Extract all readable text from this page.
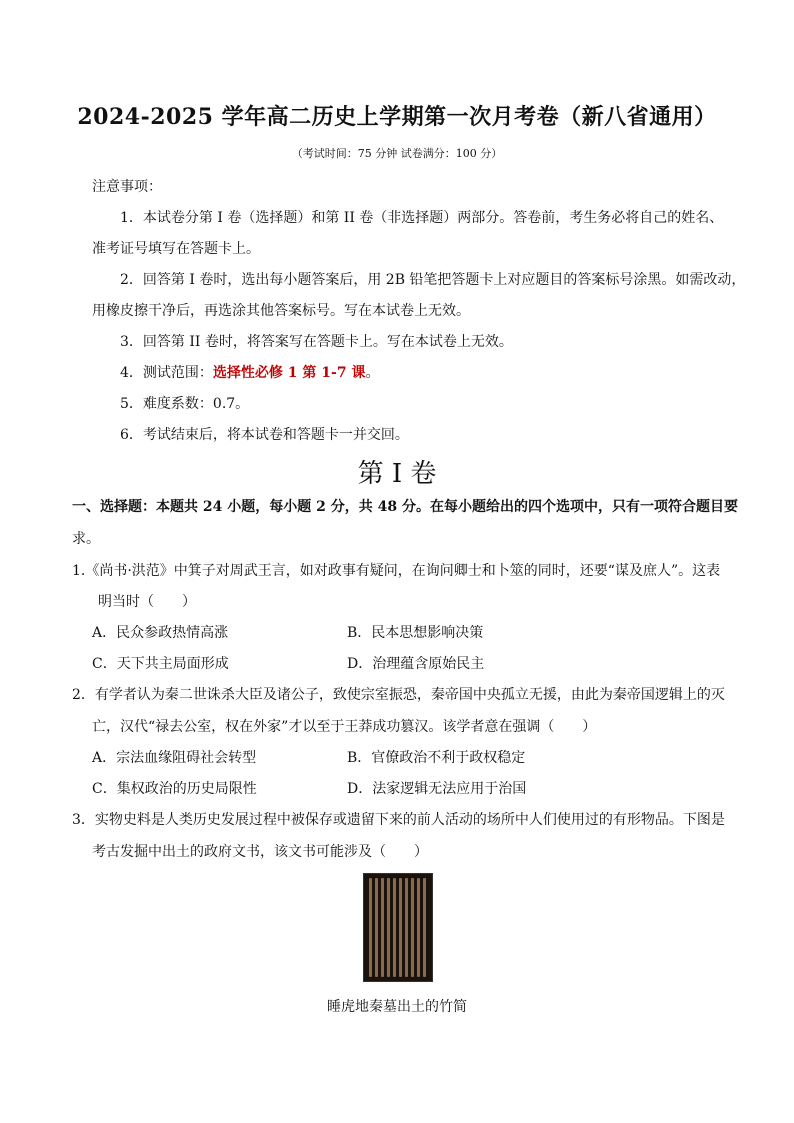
2024-2025 学年高二历史上学期第一次月考卷（新八省通用）
（考试时间：75 分钟 试卷满分：100 分）
注意事项：
1．本试卷分第 I 卷（选择题）和第 II 卷（非选择题）两部分。答卷前，考生务必将自己的姓名、
准考证号填写在答题卡上。
2．回答第 I 卷时，选出每小题答案后，用 2B 铅笔把答题卡上对应题目的答案标号涂黑。如需改动，
用橡皮擦干净后，再选涂其他答案标号。写在本试卷上无效。
3．回答第 II 卷时，将答案写在答题卡上。写在本试卷上无效。
4．测试范围：选择性必修 1 第 1-7 课。
5．难度系数：0.7。
6．考试结束后，将本试卷和答题卡一并交回。
第 I 卷
一、选择题：本题共 24 小题，每小题 2 分，共 48 分。在每小题给出的四个选项中，只有一项符合题目要
求。
1.《尚书·洪范》中箕子对周武王言，如对政事有疑问，在询问卿士和卜筮的同时，还要“谋及庶人”。这表
明当时（　　）
A．民众参政热情高涨	B．民本思想影响决策
C．天下共主局面形成	D．治理蕴含原始民主
2．有学者认为秦二世诛杀大臣及诸公子，致使宗室振恐，秦帝国中央孤立无援，由此为秦帝国逻辑上的灭
亡，汉代“禄去公室，权在外家”才以至于王莽成功篡汉。该学者意在强调（　　）
A．宗法血缘阻碍社会转型	B．官僚政治不利于政权稳定
C．集权政治的历史局限性	D．法家逻辑无法应用于治国
3．实物史料是人类历史发展过程中被保存或遗留下来的前人活动的场所中人们使用过的有形物品。下图是
考古发掘中出土的政府文书，该文书可能涉及（　　）
睡虎地秦墓出土的竹简
